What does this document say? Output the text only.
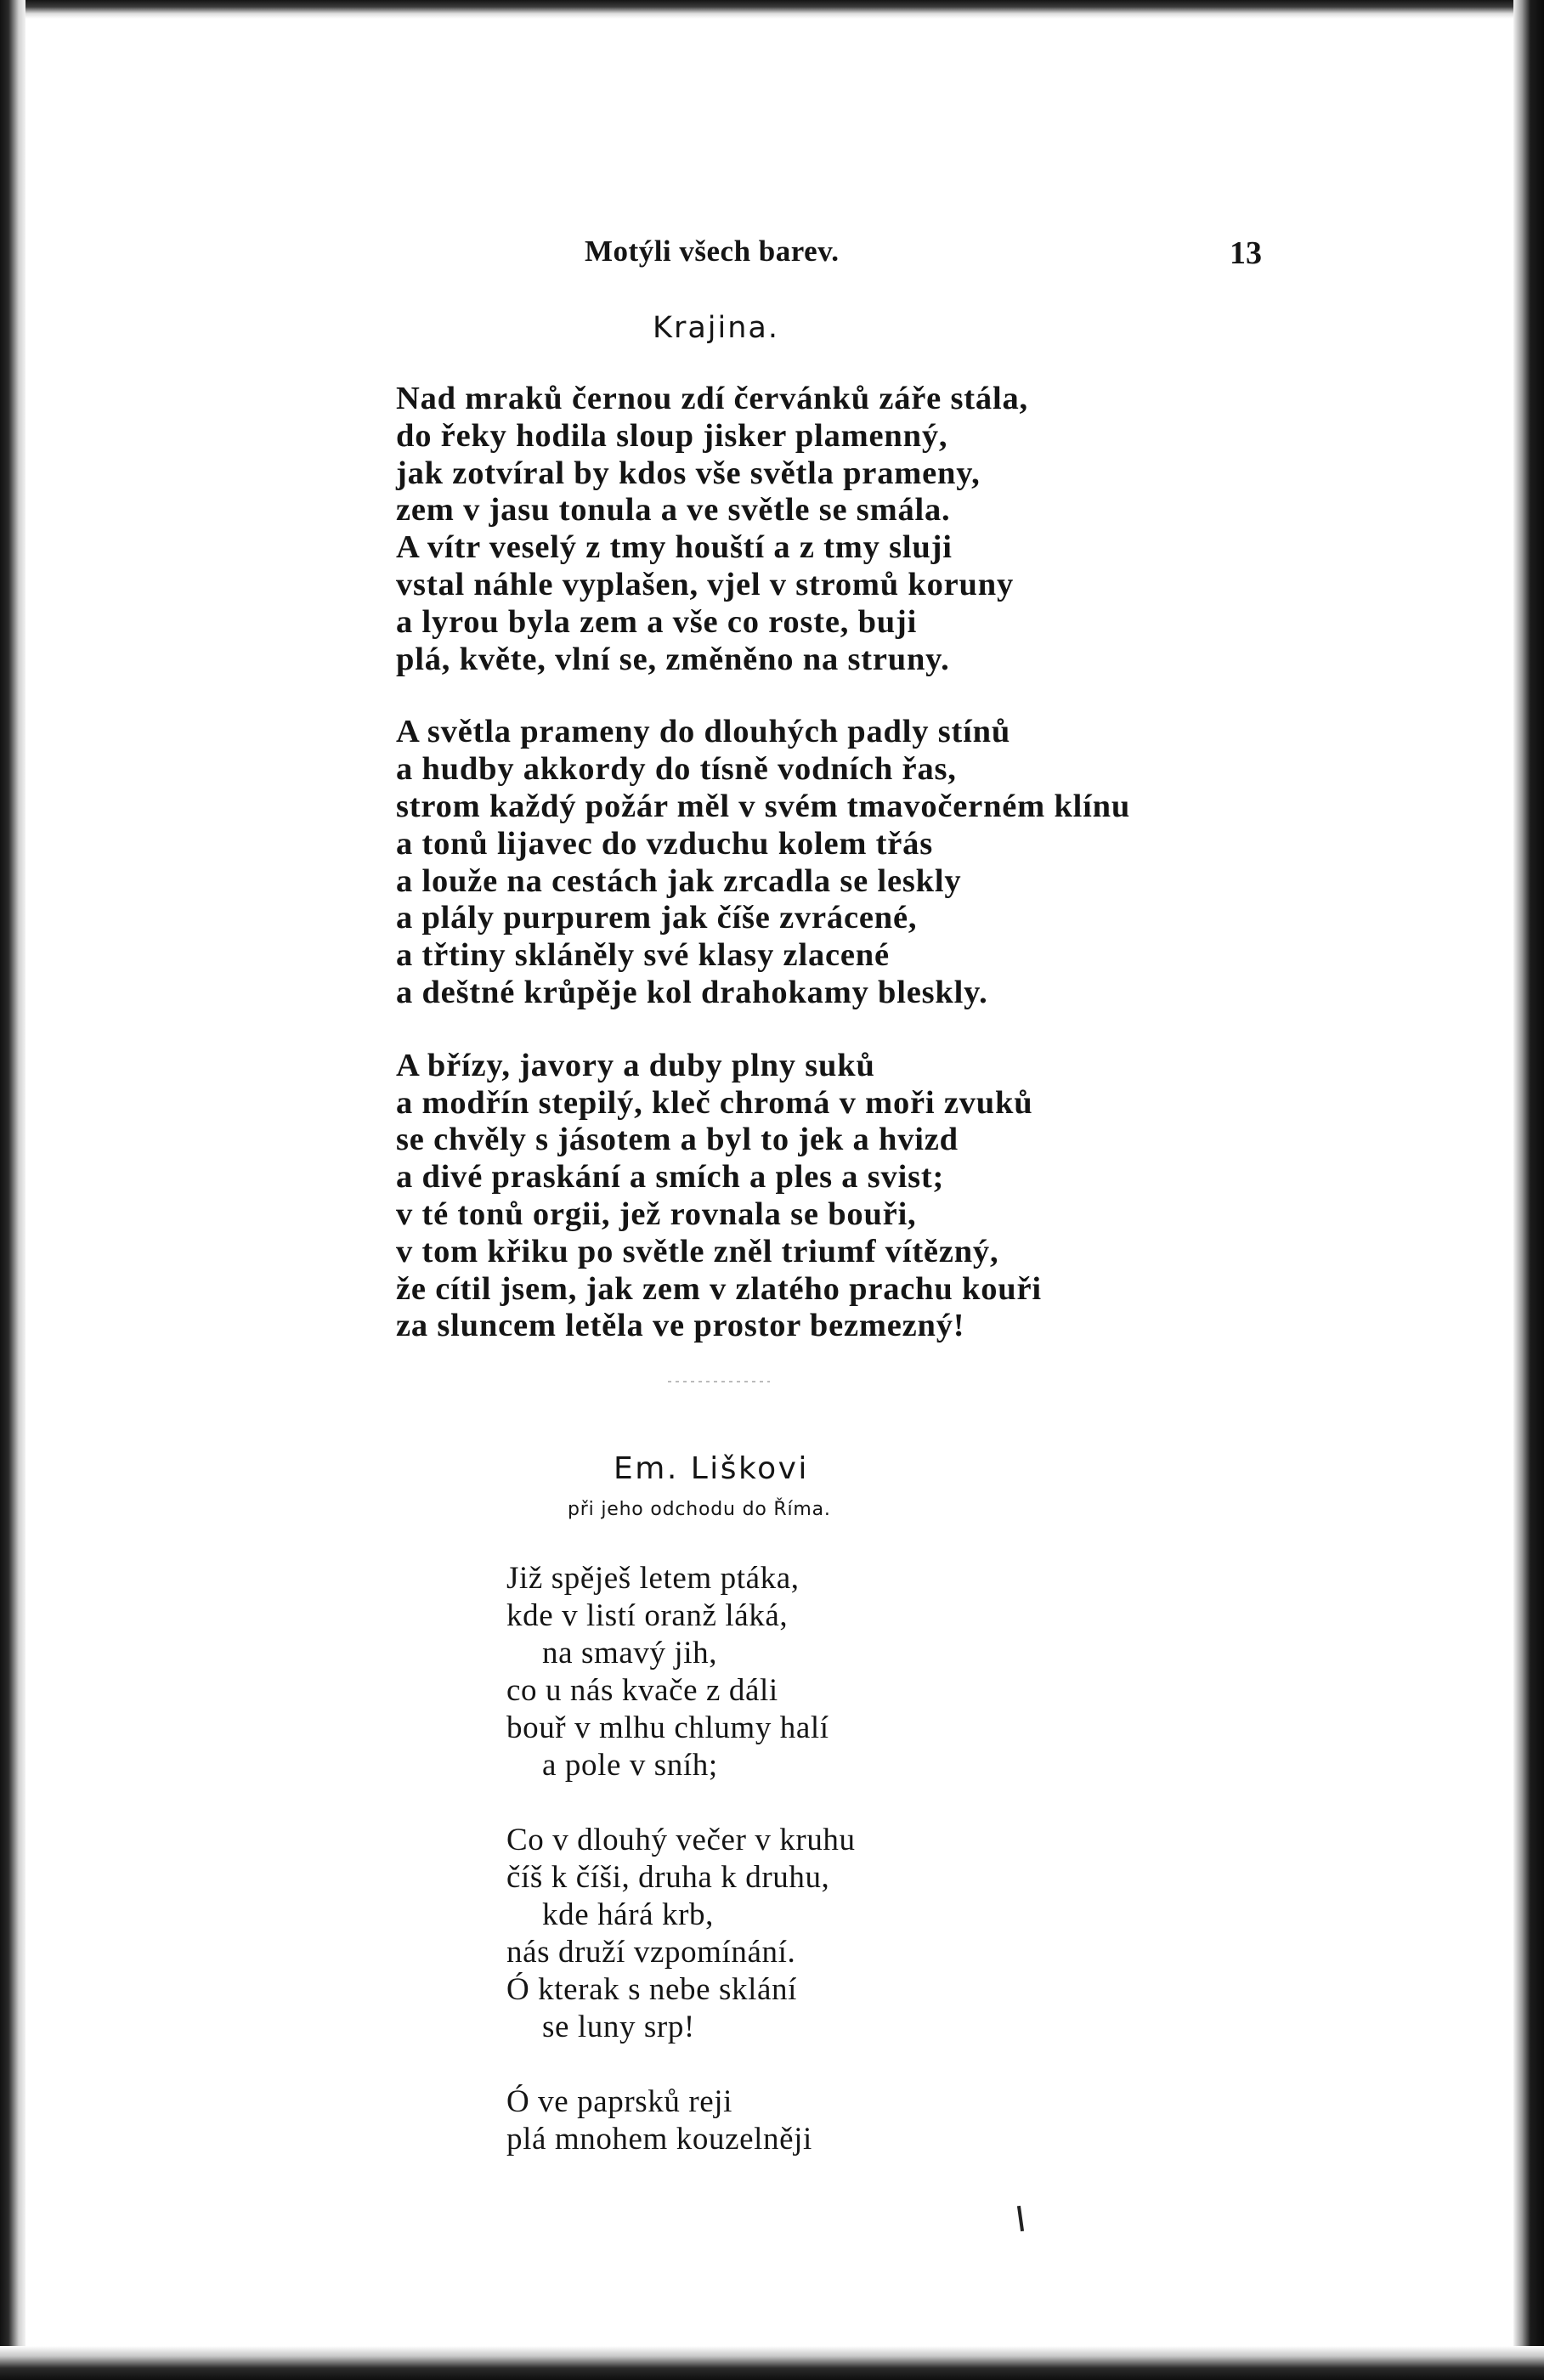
Motýli všech barev.	13
Krajina.

Nad mraků černou zdí červánků záře stála,
do řeky hodila sloup jisker plamenný,
jak zotvíral by kdos vše světla prameny,
zem v jasu tonula a ve světle se smála.
A vítr veselý z tmy houští a z tmy sluji
vstal náhle vyplašen, vjel v stromů koruny
a lyrou byla zem a vše co roste, buji
plá, květe, vlní se, změněno na struny.

A světla prameny do dlouhých padly stínů
a hudby akkordy do tísně vodních řas,
strom každý požár měl v svém tmavočerném klínu
a tonů lijavec do vzduchu kolem třás
a louže na cestách jak zrcadla se leskly
a plály purpurem jak číše zvrácené,
a třtiny skláněly své klasy zlacené
a deštné krůpěje kol drahokamy bleskly.

A břízy, javory a duby plny suků
a modřín stepilý, kleč chromá v moři zvuků
se chvěly s jásotem a byl to jek a hvizd
a divé praskání a smích a ples a svist;
v té tonů orgii, jež rovnala se bouři,
v tom křiku po světle zněl triumf vítězný,
že cítil jsem, jak zem v zlatého prachu kouři
za sluncem letěla ve prostor bezmezný!

Em. Liškovi
při jeho odchodu do Říma.

Již spěješ letem ptáka,
kde v listí oranž láká,
na smavý jih,
co u nás kvače z dáli
bouř v mlhu chlumy halí
a pole v sníh;

Co v dlouhý večer v kruhu
číš k číši, druha k druhu,
kde hárá krb,
nás druží vzpomínání.
Ó kterak s nebe sklání
se luny srp!

Ó ve paprsků reji
plá mnohem kouzelněji
